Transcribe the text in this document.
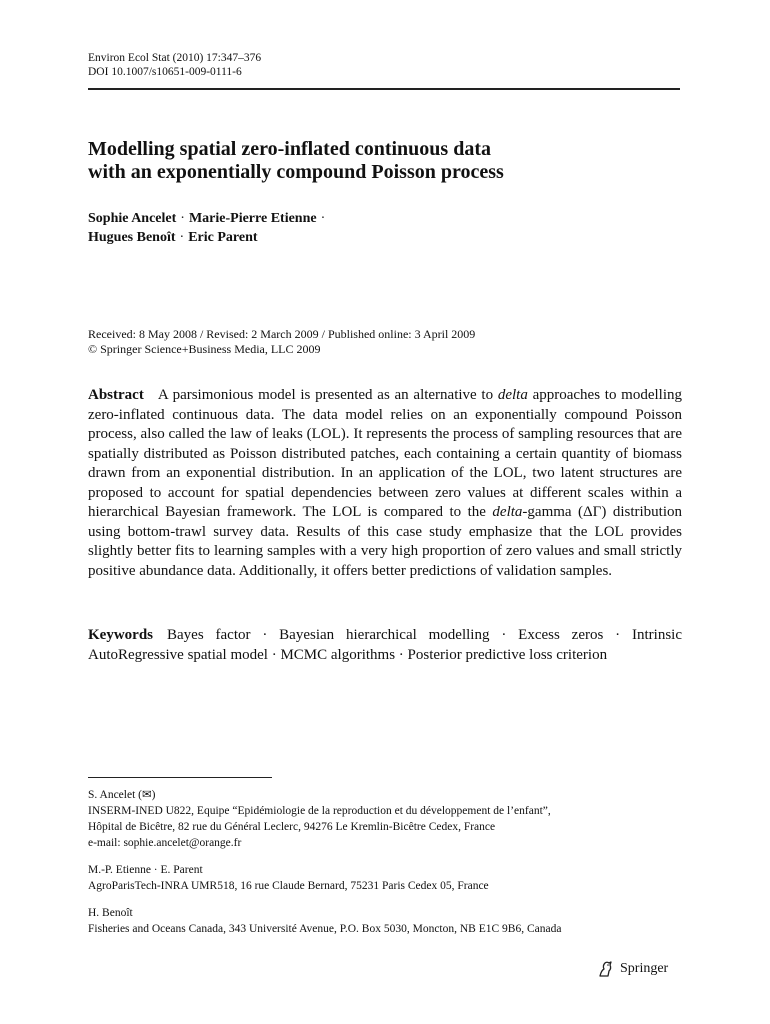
Environ Ecol Stat (2010) 17:347–376
DOI 10.1007/s10651-009-0111-6
Modelling spatial zero-inflated continuous data
with an exponentially compound Poisson process
Sophie Ancelet · Marie-Pierre Etienne ·
Hugues Benoît · Eric Parent
Received: 8 May 2008 / Revised: 2 March 2009 / Published online: 3 April 2009
© Springer Science+Business Media, LLC 2009

Abstract A parsimonious model is presented as an alternative to delta approaches to modelling zero-inflated continuous data. The data model relies on an exponentially compound Poisson process, also called the law of leaks (LOL). It represents the process of sampling resources that are spatially distributed as Poisson distributed patches, each containing a certain quantity of biomass drawn from an exponential distribution. In an application of the LOL, two latent structures are proposed to account for spatial dependencies between zero values at different scales within a hierarchical Bayesian framework. The LOL is compared to the delta-gamma (ΔΓ) distribution using bottom-trawl survey data. Results of this case study emphasize that the LOL provides slightly better fits to learning samples with a very high proportion of zero values and small strictly positive abundance data. Additionally, it offers better predictions of validation samples.

Keywords Bayes factor · Bayesian hierarchical modelling · Excess zeros · Intrinsic AutoRegressive spatial model · MCMC algorithms · Posterior predictive loss criterion

S. Ancelet (✉)
INSERM-INED U822, Equipe “Epidémiologie de la reproduction et du développement de l’enfant”,
Hôpital de Bicêtre, 82 rue du Général Leclerc, 94276 Le Kremlin-Bicêtre Cedex, France
e-mail: sophie.ancelet@orange.fr
M.-P. Etienne · E. Parent
AgroParisTech-INRA UMR518, 16 rue Claude Bernard, 75231 Paris Cedex 05, France
H. Benoît
Fisheries and Oceans Canada, 343 Université Avenue, P.O. Box 5030, Moncton, NB E1C 9B6, Canada
Springer
